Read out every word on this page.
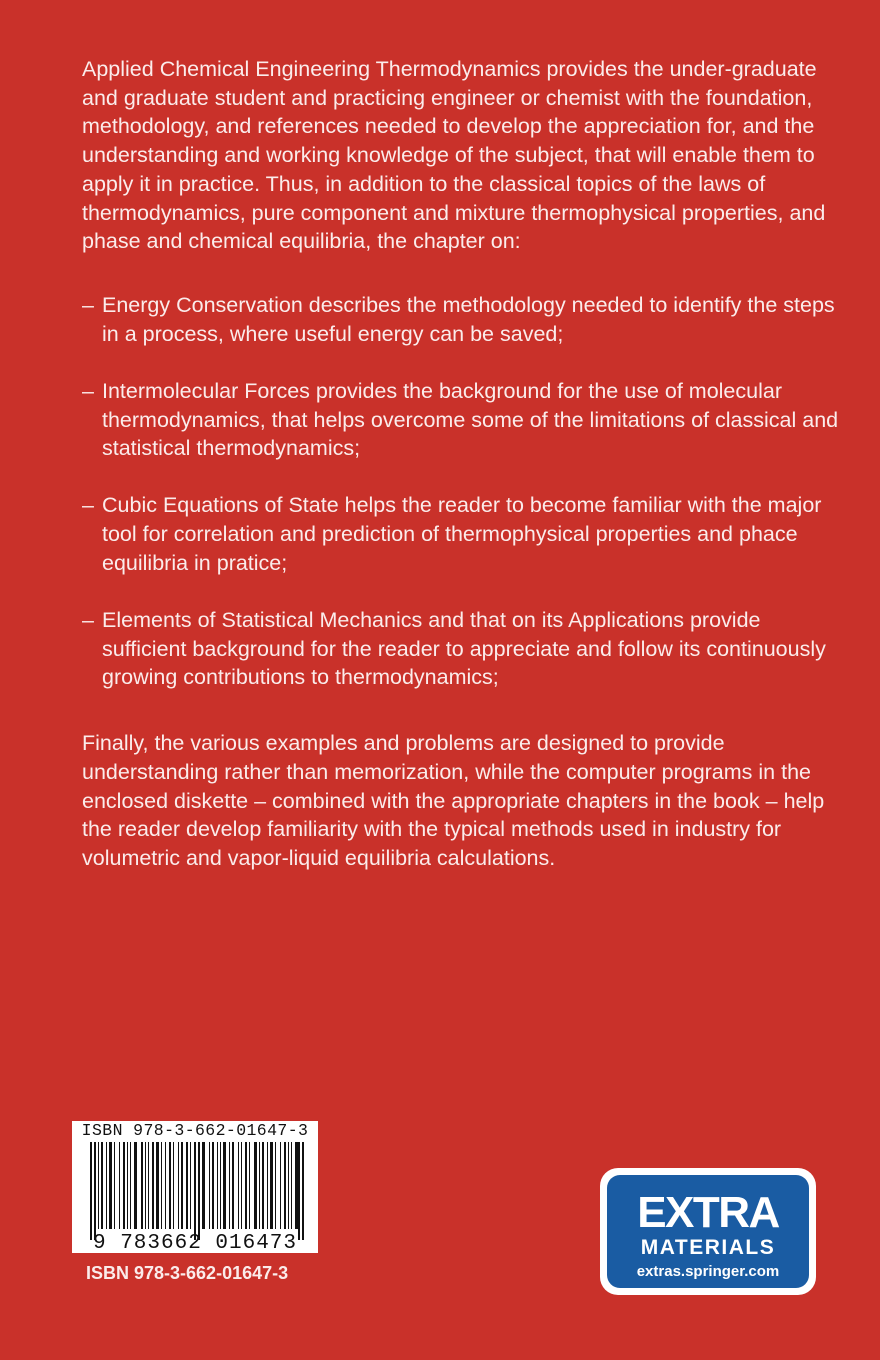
Applied Chemical Engineering Thermodynamics provides the under-graduate and graduate student and practicing engineer or chemist with the foundation, methodology, and references needed to develop the appreciation for, and the understanding and working knowledge of the subject, that will enable them to apply it in practice. Thus, in addition to the classical topics of the laws of thermodynamics, pure component and mixture thermophysical properties, and phase and chemical equilibria, the chapter on:

– Energy Conservation describes the methodology needed to identify the steps in a process, where useful energy can be saved;
– Intermolecular Forces provides the background for the use of molecular thermodynamics, that helps overcome some of the limitations of classical and statistical thermodynamics;
– Cubic Equations of State helps the reader to become familiar with the major tool for correlation and prediction of thermophysical properties and phace equilibria in pratice;
– Elements of Statistical Mechanics and that on its Applications provide sufficient background for the reader to appreciate and follow its continuously growing contributions to thermodynamics;

Finally, the various examples and problems are designed to provide understanding rather than memorization, while the computer programs in the enclosed diskette – combined with the appropriate chapters in the book – help the reader develop familiarity with the typical methods used in industry for volumetric and vapor-liquid equilibria calculations.

ISBN 978-3-662-01647-3
9 783662 016473
ISBN 978-3-662-01647-3
EXTRA
MATERIALS
extras.springer.com
